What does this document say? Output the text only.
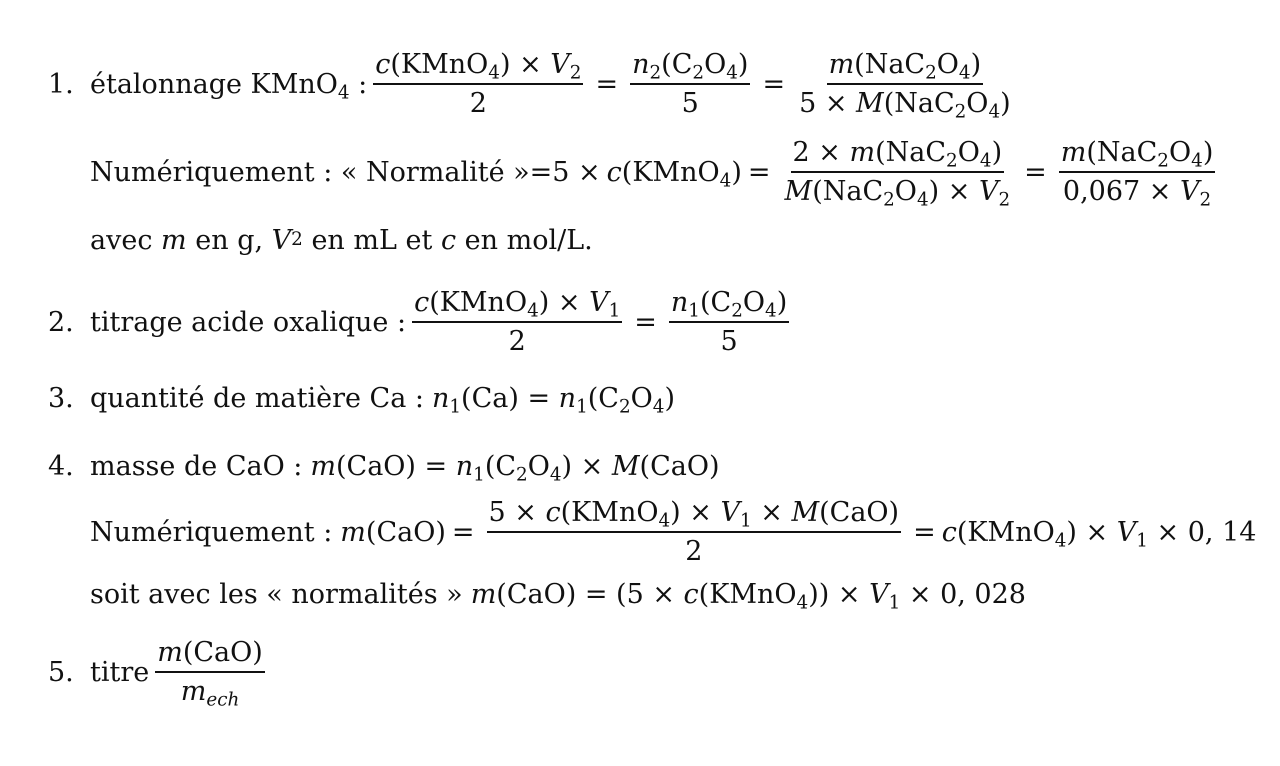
1. étalonnage KMnO$_4$ : $\frac{c(KMnO_4) \times V_2}{2} = \frac{n_2(C_2O_4)}{5} = \frac{m(NaC_2O_4)}{5 \times M(NaC_2O_4)}$
Numériquement : « Normalité »=5 × c(KMnO$_4$) = $\frac{2 \times m(NaC_2O_4)}{M(NaC_2O_4) \times V_2} = \frac{m(NaC_2O_4)}{0,067 \times V_2}$
avec
m
en g,
V 2
en mL et
c
en mol/L.
2. titrage acide oxalique : $\frac{c(KMnO_4) \times V_1}{2} = \frac{n_1(C_2O_4)}{5}$
3. quantité de matière Ca : $n_1(Ca) = n_1(C_2O_4)$
4. masse de CaO : $m(CaO) = n_1(C_2O_4) \times M(CaO)$
Numériquement : $m(CaO) = \frac{5 \times c(KMnO_4) \times V_1 \times M(CaO)}{2}$ = c(KMnO$_4$) × $V_1 \times 0$, 14
soit avec les « normalités » m(CaO) = (5 × c(KMnO$_4$)) × $V_1 \times 0$, 028
5. titre $\frac{\text{m(CaO)}}{m_{ech}}$
